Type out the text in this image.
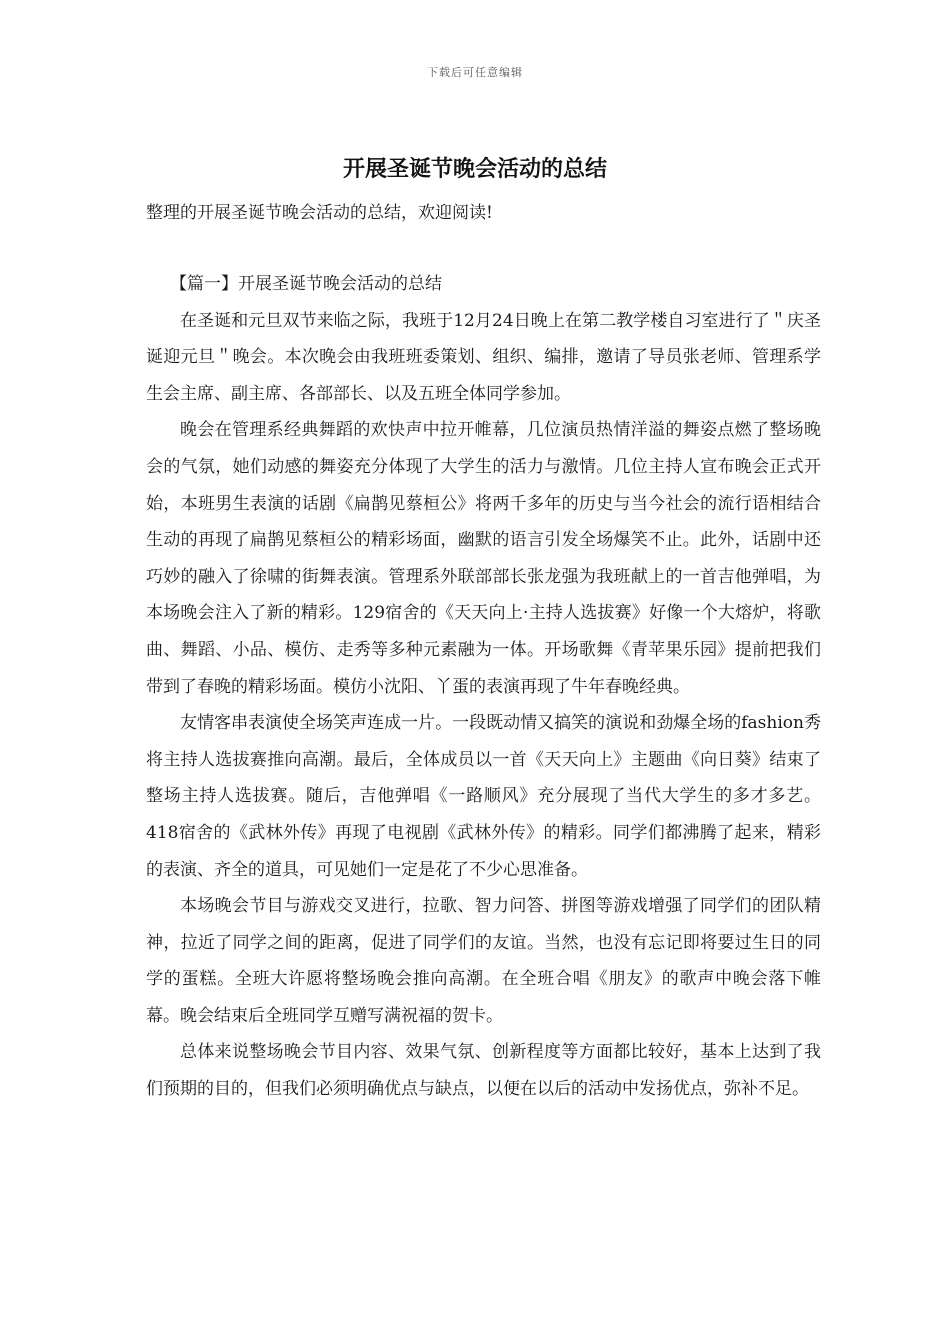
下载后可任意编辑
开展圣诞节晚会活动的总结

整理的开展圣诞节晚会活动的总结，欢迎阅读!

【篇一】开展圣诞节晚会活动的总结

在圣诞和元旦双节来临之际，我班于12月24日晚上在第二教学楼自习室进行了＂庆圣诞迎元旦＂晚会。本次晚会由我班班委策划、组织、编排，邀请了导员张老师、管理系学生会主席、副主席、各部部长、以及五班全体同学参加。

晚会在管理系经典舞蹈的欢快声中拉开帷幕，几位演员热情洋溢的舞姿点燃了整场晚会的气氛，她们动感的舞姿充分体现了大学生的活力与激情。几位主持人宣布晚会正式开始，本班男生表演的话剧《扁鹊见蔡桓公》将两千多年的历史与当今社会的流行语相结合生动的再现了扁鹊见蔡桓公的精彩场面，幽默的语言引发全场爆笑不止。此外，话剧中还巧妙的融入了徐啸的街舞表演。管理系外联部部长张龙强为我班献上的一首吉他弹唱，为本场晚会注入了新的精彩。129宿舍的《天天向上·主持人选拔赛》好像一个大熔炉，将歌曲、舞蹈、小品、模仿、走秀等多种元素融为一体。开场歌舞《青苹果乐园》提前把我们带到了春晚的精彩场面。模仿小沈阳、丫蛋的表演再现了牛年春晚经典。

友情客串表演使全场笑声连成一片。一段既动情又搞笑的演说和劲爆全场的fashion秀将主持人选拔赛推向高潮。最后，全体成员以一首《天天向上》主题曲《向日葵》结束了整场主持人选拔赛。随后，吉他弹唱《一路顺风》充分展现了当代大学生的多才多艺。418宿舍的《武林外传》再现了电视剧《武林外传》的精彩。同学们都沸腾了起来，精彩的表演、齐全的道具，可见她们一定是花了不少心思准备。

本场晚会节目与游戏交叉进行，拉歌、智力问答、拼图等游戏增强了同学们的团队精神，拉近了同学之间的距离，促进了同学们的友谊。当然，也没有忘记即将要过生日的同学的蛋糕。全班大许愿将整场晚会推向高潮。在全班合唱《朋友》的歌声中晚会落下帷幕。晚会结束后全班同学互赠写满祝福的贺卡。

总体来说整场晚会节目内容、效果气氛、创新程度等方面都比较好，基本上达到了我们预期的目的，但我们必须明确优点与缺点，以便在以后的活动中发扬优点，弥补不足。
